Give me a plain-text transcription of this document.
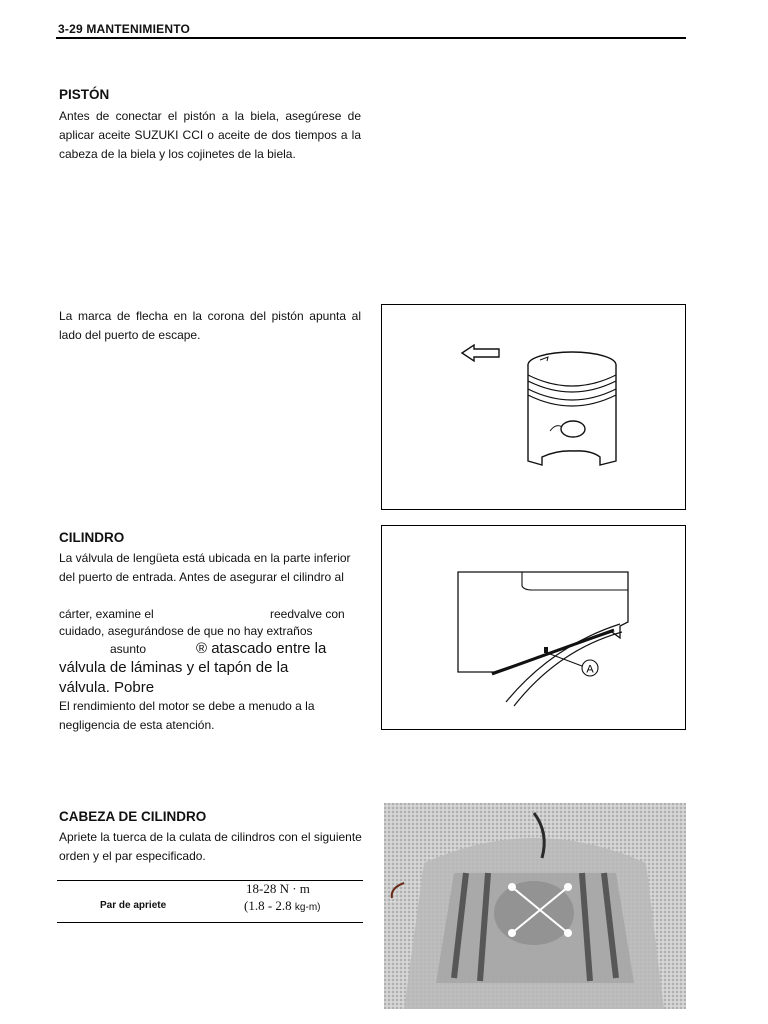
3-29 MANTENIMIENTO
PISTÓN

Antes de conectar el pistón a la biela, asegúrese de aplicar aceite SUZUKI CCI o aceite de dos tiempos a la cabeza de la biela y los cojinetes de la biela.

La marca de flecha en la corona del pistón apunta al lado del puerto de escape.

CILINDRO

La válvula de lengüeta está ubicada en la parte inferior del puerto de entrada. Antes de asegurar el cilindro al

cárter, examine el	reedvalve con

cuidado, asegurándose de que no hay extraños

asunto	® atascado entre la

válvula de láminas y el tapón de la

válvula. Pobre

El rendimiento del motor se debe a menudo a la negligencia de esta atención.

A
CABEZA DE CILINDRO

Apriete la tuerca de la culata de cilindros con el siguiente orden y el par especificado.

Par de apriete
18-28 N · m
(1.8 - 2.8 kg-m)
